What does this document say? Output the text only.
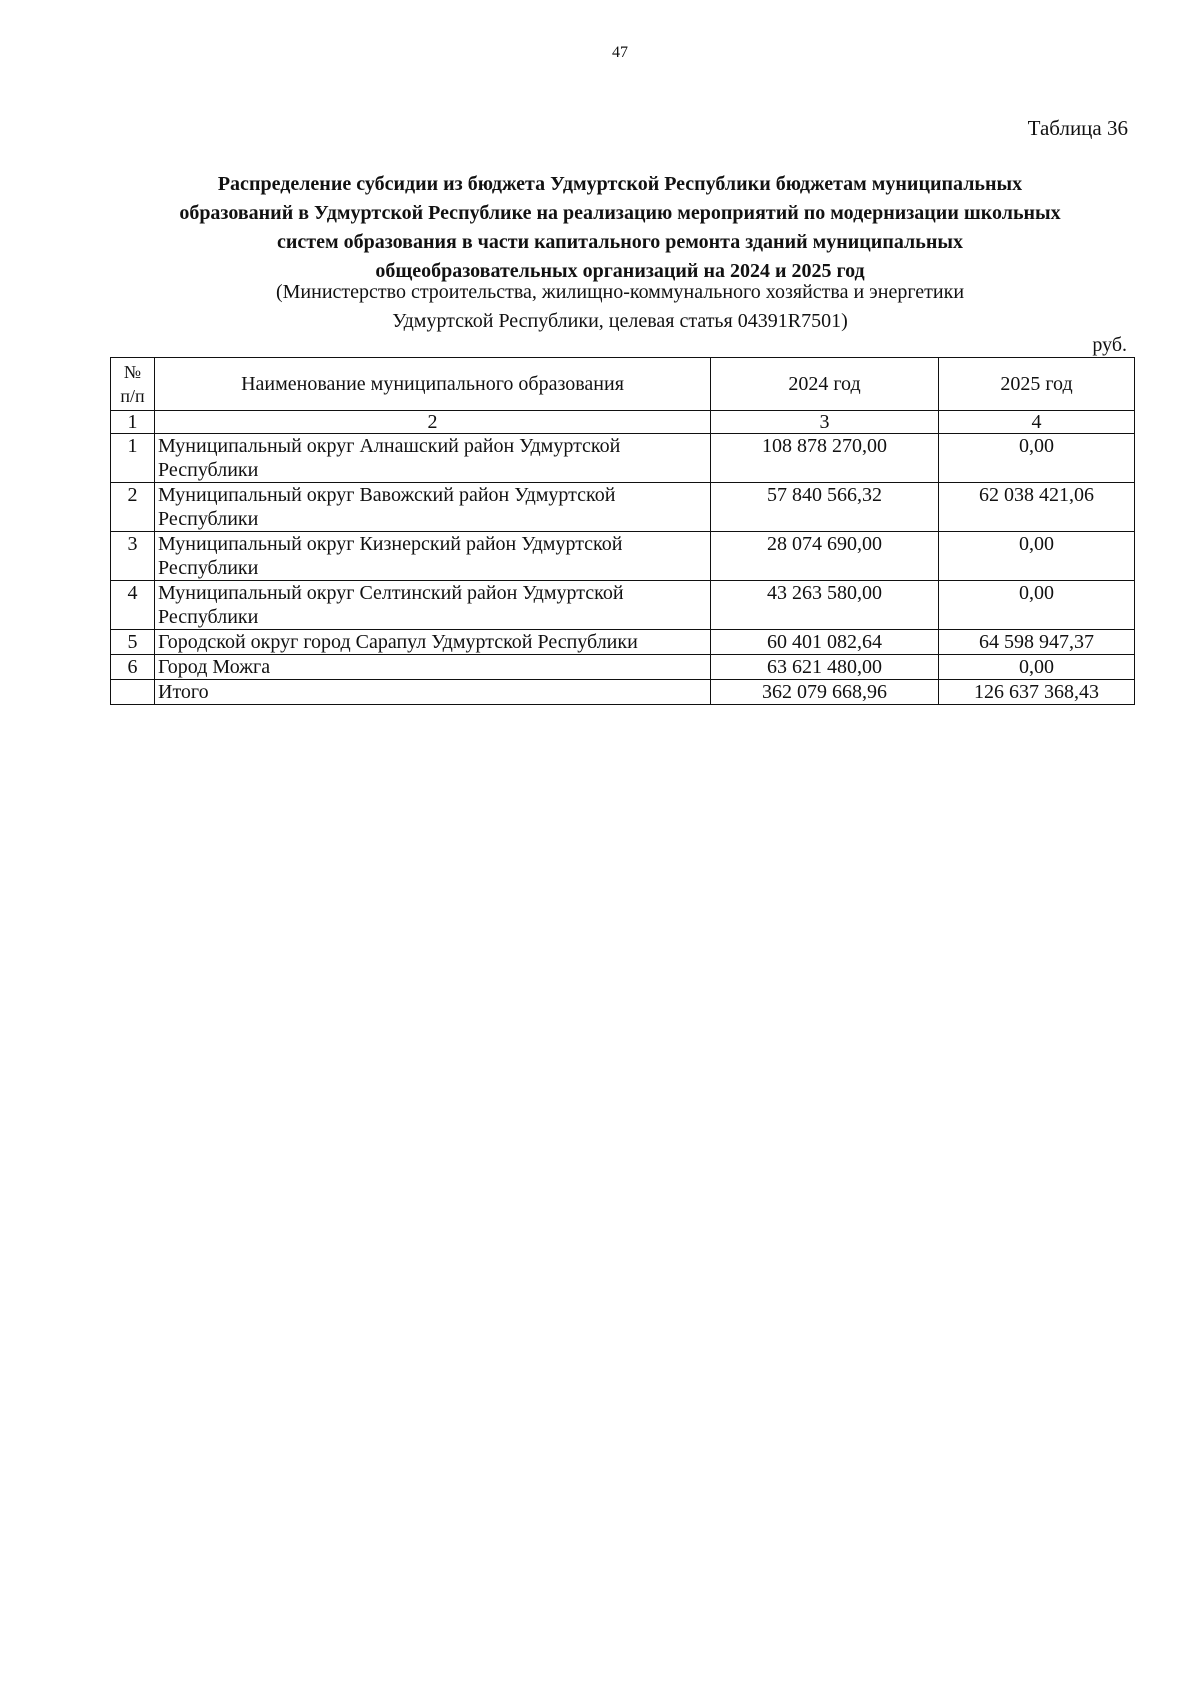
47
Таблица 36
Распределение субсидии из бюджета Удмуртской Республики бюджетам муниципальных
образований в Удмуртской Республике на реализацию мероприятий по модернизации школьных
систем образования в части капитального ремонта зданий муниципальных
общеобразовательных организаций на 2024 и 2025 год
(Министерство строительства, жилищно-коммунального хозяйства и энергетики
Удмуртской Республики, целевая статья 04391R7501)
руб.
№
п/п	Наименование муниципального образования	2024 год	2025 год
1	2	3	4
1	Муниципальный округ Алнашский район Удмуртской Республики	108 878 270,00	0,00
2	Муниципальный округ Вавожский район Удмуртской Республики	57 840 566,32	62 038 421,06
3	Муниципальный округ Кизнерский район Удмуртской Республики	28 074 690,00	0,00
4	Муниципальный округ Селтинский район Удмуртской Республики	43 263 580,00	0,00
5	Городской округ город Сарапул Удмуртской Республики	60 401 082,64	64 598 947,37
6	Город Можга	63 621 480,00	0,00
	Итого	362 079 668,96	126 637 368,43
